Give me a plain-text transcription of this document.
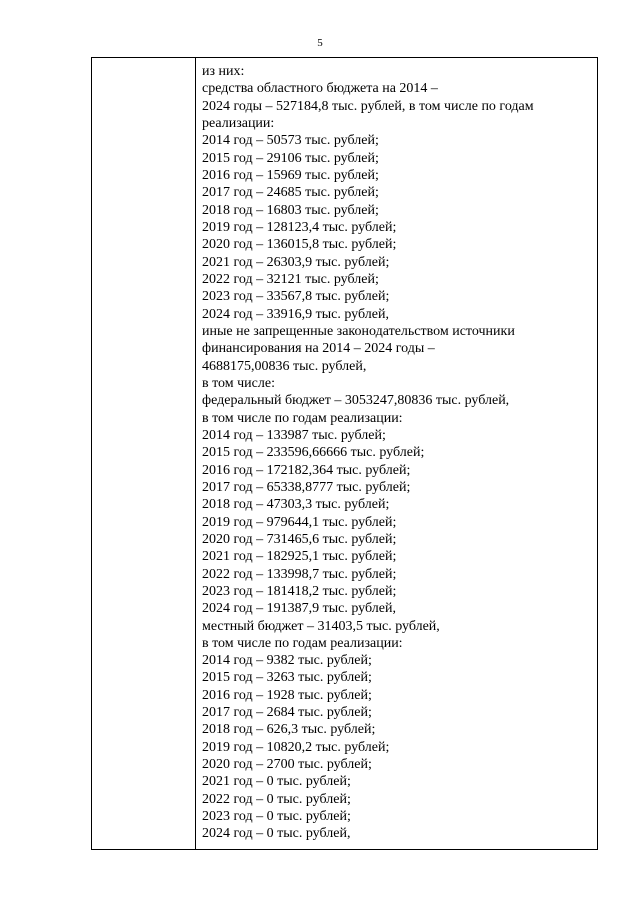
5
из них:
средства областного бюджета на 2014 –
2024 годы – 527184,8 тыс. рублей, в том числе по годам
реализации:
2014 год – 50573 тыс. рублей;
2015 год – 29106 тыс. рублей;
2016 год – 15969 тыс. рублей;
2017 год – 24685 тыс. рублей;
2018 год – 16803 тыс. рублей;
2019 год – 128123,4 тыс. рублей;
2020 год – 136015,8 тыс. рублей;
2021 год – 26303,9 тыс. рублей;
2022 год – 32121 тыс. рублей;
2023 год – 33567,8 тыс. рублей;
2024 год – 33916,9 тыс. рублей,
иные не запрещенные законодательством источники
финансирования на 2014 – 2024 годы –
4688175,00836 тыс. рублей,
в том числе:
федеральный бюджет – 3053247,80836 тыс. рублей,
в том числе по годам реализации:
2014 год – 133987 тыс. рублей;
2015 год – 233596,66666 тыс. рублей;
2016 год – 172182,364 тыс. рублей;
2017 год – 65338,8777 тыс. рублей;
2018 год – 47303,3 тыс. рублей;
2019 год – 979644,1 тыс. рублей;
2020 год – 731465,6 тыс. рублей;
2021 год – 182925,1 тыс. рублей;
2022 год – 133998,7 тыс. рублей;
2023 год – 181418,2 тыс. рублей;
2024 год – 191387,9 тыс. рублей,
местный бюджет – 31403,5 тыс. рублей,
в том числе по годам реализации:
2014 год – 9382 тыс. рублей;
2015 год – 3263 тыс. рублей;
2016 год – 1928 тыс. рублей;
2017 год – 2684 тыс. рублей;
2018 год – 626,3 тыс. рублей;
2019 год – 10820,2 тыс. рублей;
2020 год – 2700 тыс. рублей;
2021 год – 0 тыс. рублей;
2022 год – 0 тыс. рублей;
2023 год – 0 тыс. рублей;
2024 год – 0 тыс. рублей,
